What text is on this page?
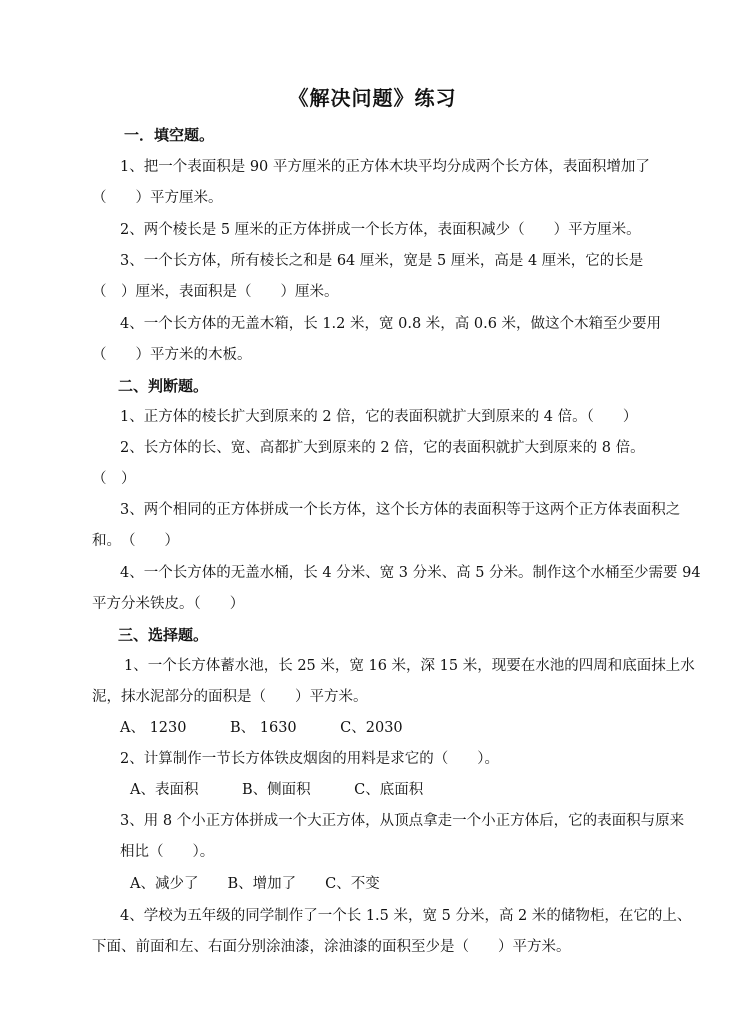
《解决问题》练习
一．填空题。
1、把一个表面积是 90 平方厘米的正方体木块平均分成两个长方体，表面积增加了
（　　）平方厘米。
2、两个棱长是 5 厘米的正方体拼成一个长方体，表面积减少（　　）平方厘米。
3、一个长方体，所有棱长之和是 64 厘米，宽是 5 厘米，高是 4 厘米，它的长是
（　）厘米，表面积是（　　）厘米。
4、一个长方体的无盖木箱，长 1.2 米，宽 0.8 米，高 0.6 米，做这个木箱至少要用
（　　）平方米的木板。
二、判断题。
1、正方体的棱长扩大到原来的 2 倍，它的表面积就扩大到原来的 4 倍。（　　）
2、长方体的长、宽、高都扩大到原来的 2 倍，它的表面积就扩大到原来的 8 倍。
（　）
3、两个相同的正方体拼成一个长方体，这个长方体的表面积等于这两个正方体表面积之
和。　（　　）
4、一个长方体的无盖水桶，长 4 分米、宽 3 分米、高 5 分米。制作这个水桶至少需要 94
平方分米铁皮。（　　）
三、选择题。
1、一个长方体蓄水池，长 25 米，宽 16 米，深 15 米，现要在水池的四周和底面抹上水
泥，抹水泥部分的面积是（　　）平方米。
A、 1230　　　B、 1630　　　C、2030
2、计算制作一节长方体铁皮烟囱的用料是求它的（　　）。
A、表面积　　　B、侧面积　　　C、底面积
3、用 8 个小正方体拼成一个大正方体，从顶点拿走一个小正方体后，它的表面积与原来
相比（　　）。
A、减少了　　B、增加了　　C、不变
4、学校为五年级的同学制作了一个长 1.5 米，宽 5 分米，高 2 米的储物柜，在它的上、
下面、前面和左、右面分别涂油漆，涂油漆的面积至少是（　　）平方米。
